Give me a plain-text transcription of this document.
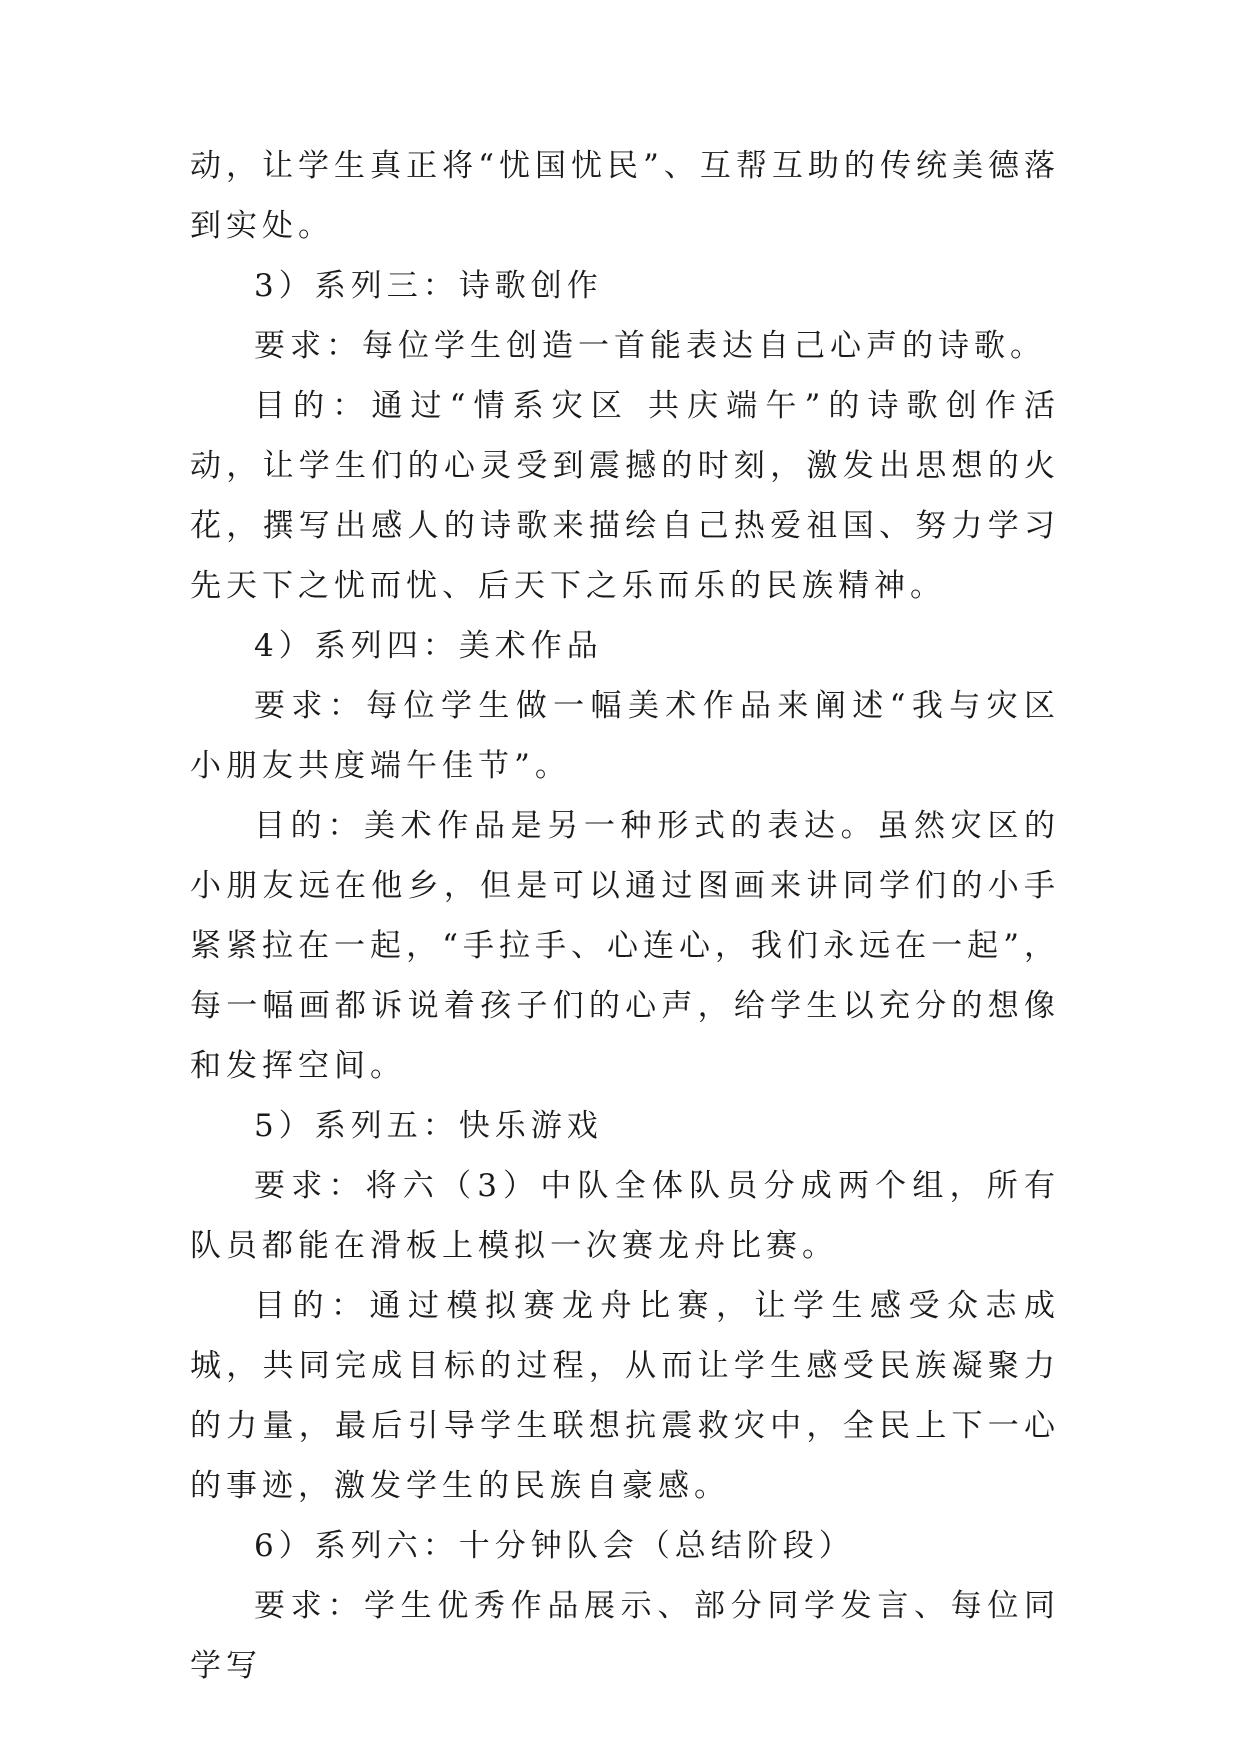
动，让学生真正将“忧国忧民”、互帮互助的传统美德落到实处。

3）系列三：诗歌创作

要求：每位学生创造一首能表达自己心声的诗歌。

目的：通过“情系灾区 共庆端午”的诗歌创作活动，让学生们的心灵受到震撼的时刻，激发出思想的火花，撰写出感人的诗歌来描绘自己热爱祖国、努力学习先天下之忧而忧、后天下之乐而乐的民族精神。

4）系列四：美术作品

要求：每位学生做一幅美术作品来阐述“我与灾区小朋友共度端午佳节”。

目的：美术作品是另一种形式的表达。虽然灾区的小朋友远在他乡，但是可以通过图画来讲同学们的小手紧紧拉在一起，“手拉手、心连心，我们永远在一起”，每一幅画都诉说着孩子们的心声，给学生以充分的想像和发挥空间。

5）系列五：快乐游戏

要求：将六（3）中队全体队员分成两个组，所有队员都能在滑板上模拟一次赛龙舟比赛。

目的：通过模拟赛龙舟比赛，让学生感受众志成城，共同完成目标的过程，从而让学生感受民族凝聚力的力量，最后引导学生联想抗震救灾中，全民上下一心的事迹，激发学生的民族自豪感。

6）系列六：十分钟队会（总结阶段）

要求：学生优秀作品展示、部分同学发言、每位同学写
